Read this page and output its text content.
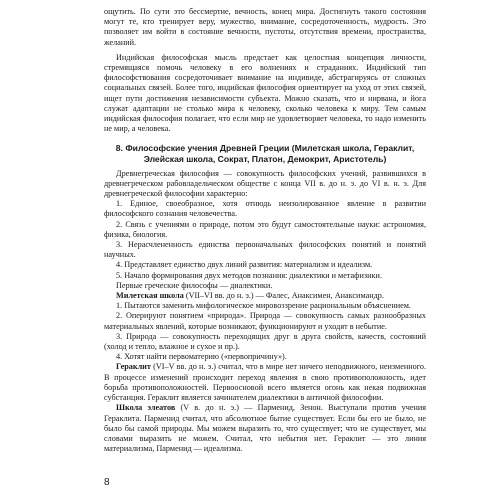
ощутить. По сути это бессмертие, вечность, конец мира. Достигнуть такого состояния могут те, кто тренирует веру, мужество, внимание, сосредоточенность, мудрость. Это позволяет им войти в состояние вечности, пустоты, отсутствия времени, пространства, желаний.

Индийская философская мысль предстает как целостная концепция личности, стремящаяся помочь человеку в его волнениях и страданиях. Индийский тип философствования сосредоточивает внимание на индивиде, абстрагируясь от сложных социальных связей. Более того, индийская философия ориентирует на уход от этих связей, ищет пути достижения независимости субъекта. Можно сказать, что и нирвана, и йога служат адаптации не столько мира к человеку, сколько человека к миру. Тем самым индийская философия полагает, что если мир не удовлетворяет человека, то надо изменить не мир, а человека.

8. Философские учения Древней Греции (Милетская школа, Гераклит, Элейская школа, Сократ, Платон, Демокрит, Аристотель)

Древнегреческая философия — совокупность философских учений, развившихся в древнегреческом рабовладельческом обществе с конца VII в. до н. э. до VI в. н. э. Для древнегреческой философии характерно:

1. Единое, своеобразное, хотя отнюдь неизолированное явление в развитии философского сознания человечества.

2. Связь с учениями о природе, потом это будут самостоятельные науки: астрономия, физика, биология.

3. Нерасчлененность единства первоначальных философских понятий и понятий научных.

4. Представляет единство двух линий развития: материализм и идеализм.

5. Начало формирования двух методов познания: диалектики и метафизики.

Первые греческие философы — диалектики.

Милетская школа (VII–VI вв. до н. э.) — Фалес, Анаксимен, Анаксимандр.

1. Пытаются заменить мифологическое мировоззрение рациональным объяснением.

2. Оперируют понятием «природа». Природа — совокупность самых разнообразных материальных явлений, которые возникают, функционируют и уходят в небытие.

3. Природа — совокупность переходящих друг в друга свойств, качеств, состояний (холод и тепло, влажное и сухое и пр.).

4. Хотят найти первоматерию («первопричину»).

Гераклит (VI–V вв. до н. э.) считал, что в мире нет ничего неподвижного, неизменного. В процессе изменений происходит переход явления в свою противоположность, идет борьба противоположностей. Первоосновой всего является огонь как некая подвижная субстанция. Гераклит является зачинателем диалектики в античной философии.

Школа элеатов (V в. до н. э.) — Парменид, Зенон. Выступали против учения Гераклита. Парменид считал, что абсолютное бытие существует. Если бы его не было, не было бы самой природы. Мы можем выразить то, что существует; что не существует, мы словами выразить не можем. Считал, что небытия нет. Гераклит — это линия материализма, Парменид — идеализма.

8
